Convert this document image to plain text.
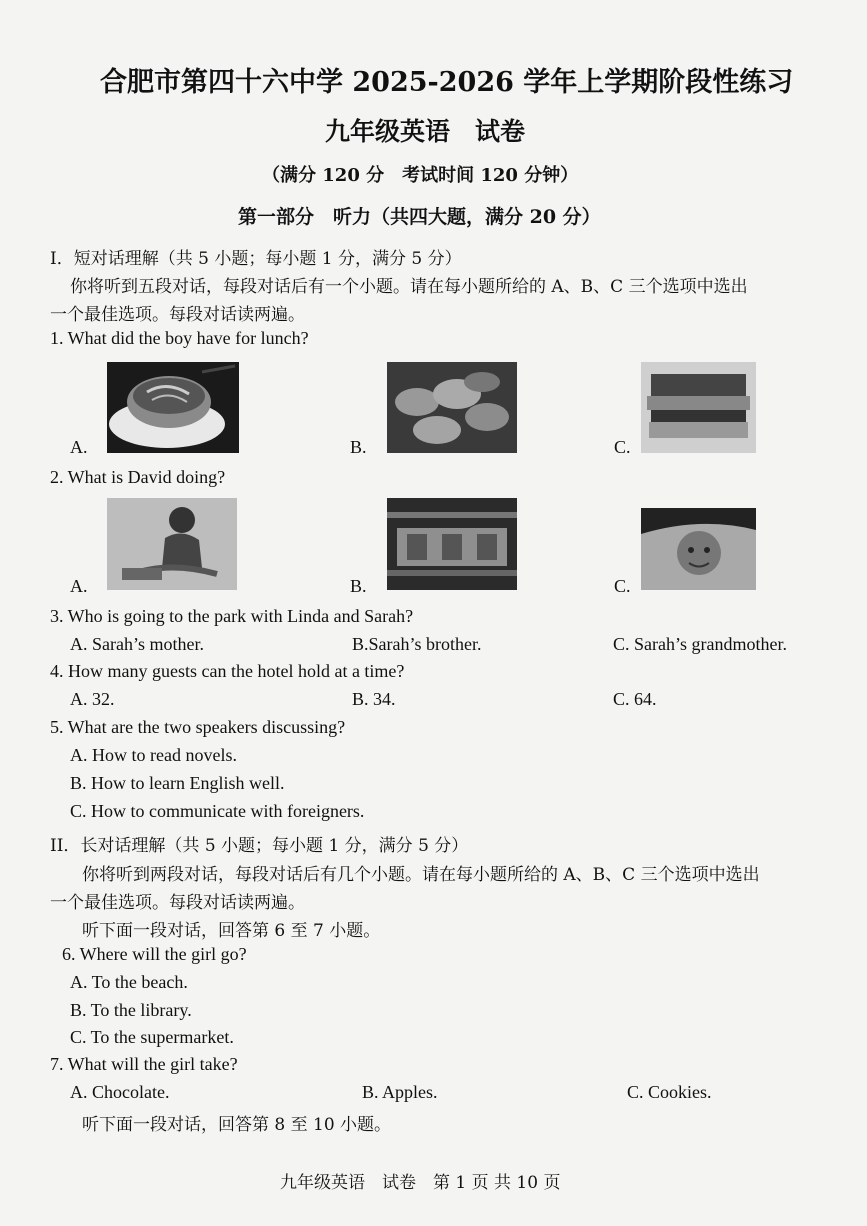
合肥市第四十六中学 2025-2026 学年上学期阶段性练习
九年级英语　试卷
（满分 120 分　考试时间 120 分钟）
第一部分　听力（共四大题，满分 20 分）
I．短对话理解（共 5 小题；每小题 1 分，满分 5 分）
你将听到五段对话，每段对话后有一个小题。请在每小题所给的 A、B、C 三个选项中选出
一个最佳选项。每段对话读两遍。
1. What did the boy have for lunch?
A.	B.	C.
2. What is David doing?
A.	B.	C.
3. Who is going to the park with Linda and Sarah?
A. Sarah’s mother.	B.Sarah’s brother.	C. Sarah’s grandmother.
4. How many guests can the hotel hold at a time?
A. 32.	B. 34.	C. 64.
5. What are the two speakers discussing?
A. How to read novels.
B. How to learn English well.
C. How to communicate with foreigners.
II．长对话理解（共 5 小题；每小题 1 分，满分 5 分）
你将听到两段对话，每段对话后有几个小题。请在每小题所给的 A、B、C 三个选项中选出
一个最佳选项。每段对话读两遍。
听下面一段对话，回答第 6 至 7 小题。
6. Where will the girl go?
A. To the beach.
B. To the library.
C. To the supermarket.
7. What will the girl take?
A. Chocolate.	B. Apples.	C. Cookies.
听下面一段对话，回答第 8 至 10 小题。
九年级英语　试卷　第 1 页 共 10 页
